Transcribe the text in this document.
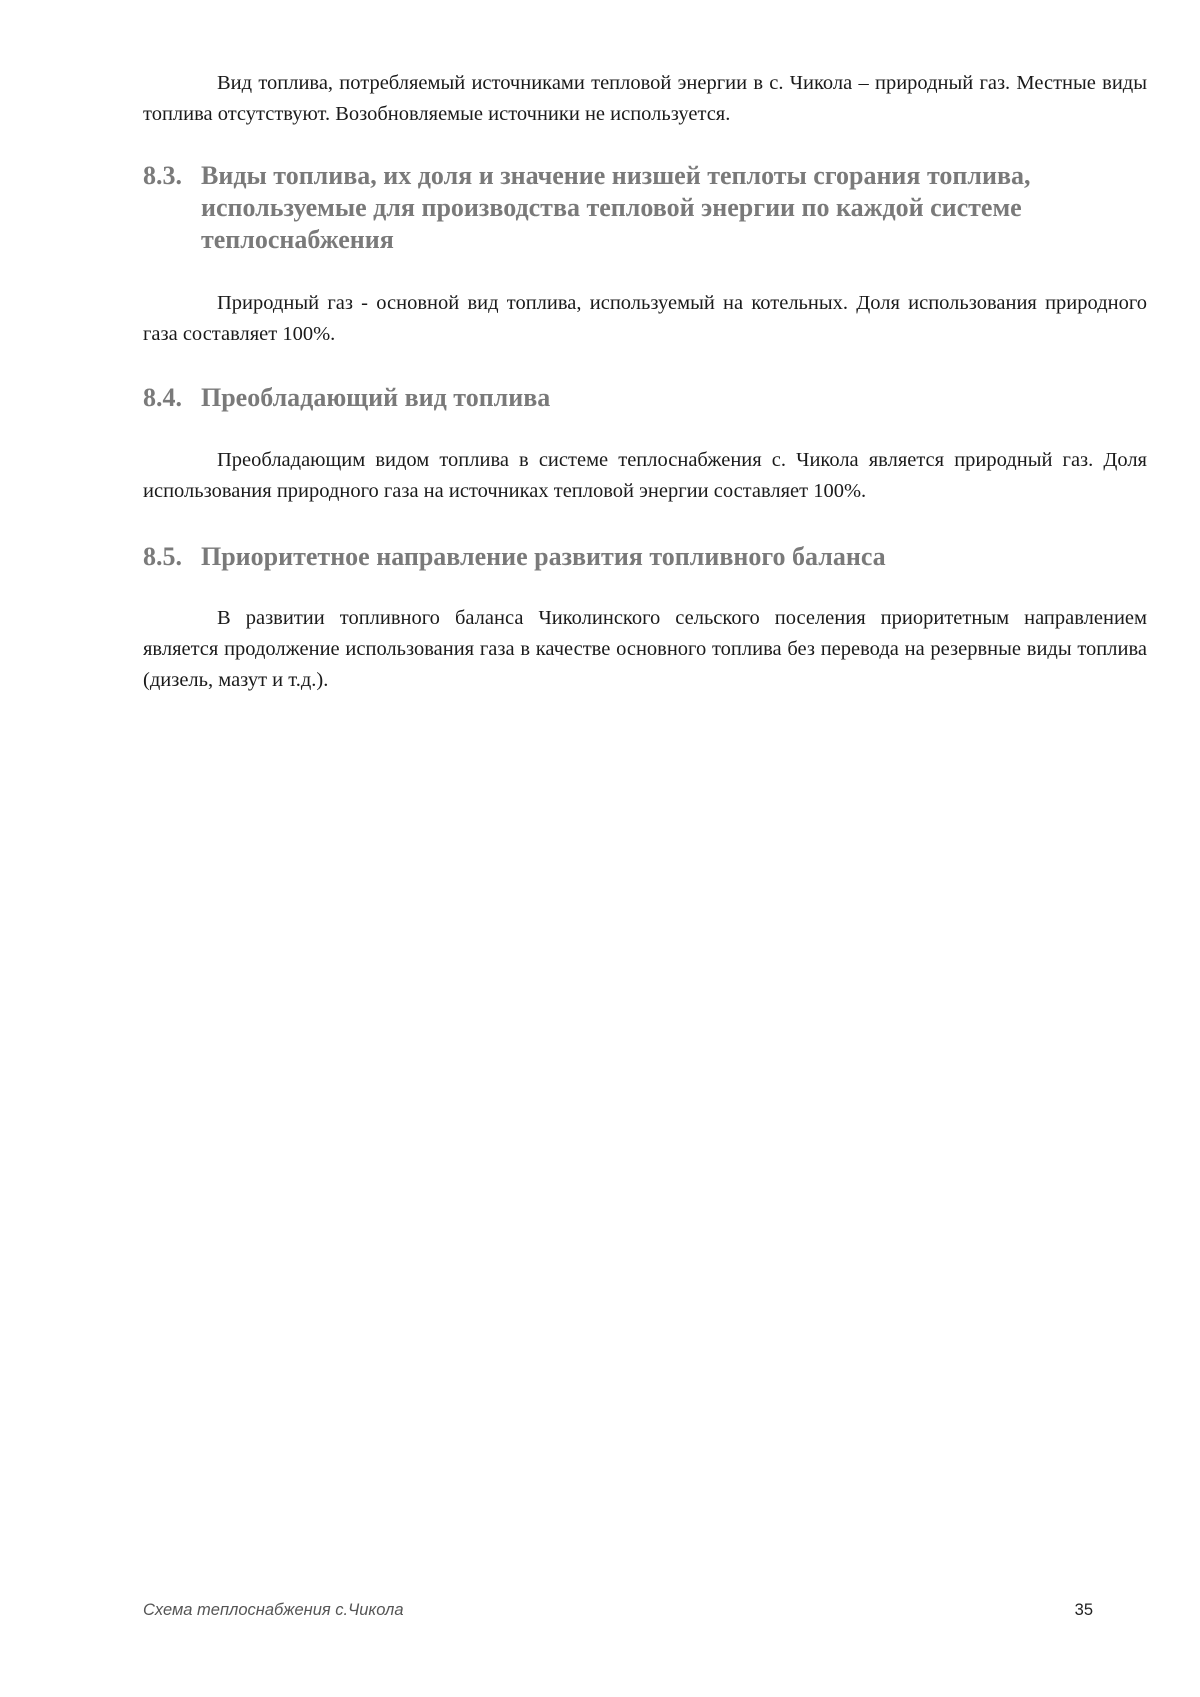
Вид топлива, потребляемый источниками тепловой энергии в с. Чикола – природный газ. Местные виды топлива отсутствуют. Возобновляемые источники не используется.

8.3. Виды топлива, их доля и значение низшей теплоты сгорания топлива, используемые для производства тепловой энергии по каждой системе теплоснабжения

Природный газ - основной вид топлива, используемый на котельных. Доля использования природного газа составляет 100%.

8.4. Преобладающий вид топлива

Преобладающим видом топлива в системе теплоснабжения с. Чикола является природный газ. Доля использования природного газа на источниках тепловой энергии составляет 100%.

8.5. Приоритетное направление развития топливного баланса

В развитии топливного баланса Чиколинского сельского поселения приоритетным направлением является продолжение использования газа в качестве основного топлива без перевода на резервные виды топлива (дизель, мазут и т.д.).

Схема теплоснабжения с.Чикола	35
